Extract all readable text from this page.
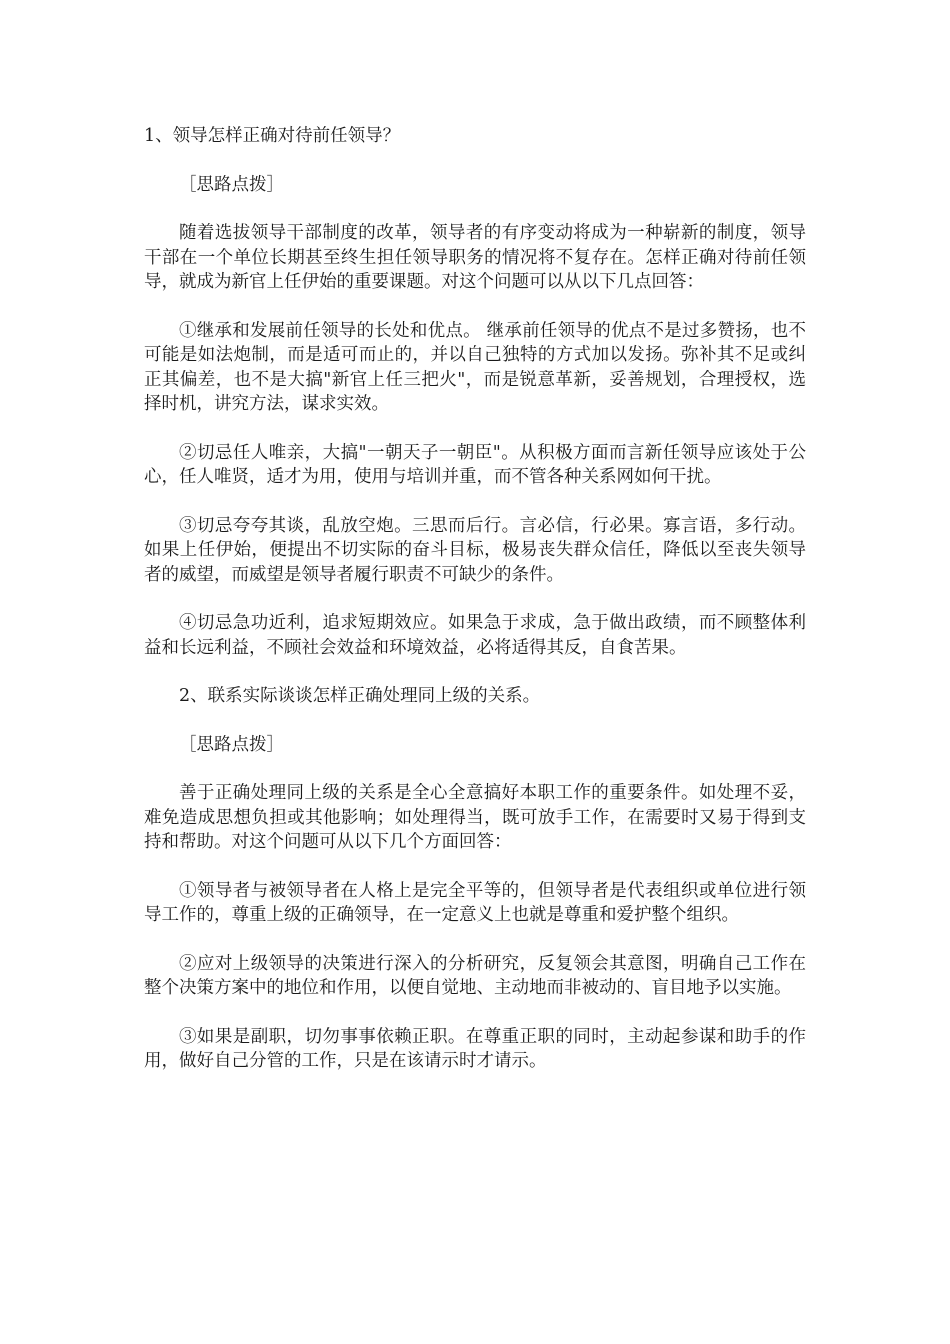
1、领导怎样正确对待前任领导？

［思路点拨］

随着选拔领导干部制度的改革，领导者的有序变动将成为一种崭新的制度，领导干部在一个单位长期甚至终生担任领导职务的情况将不复存在。怎样正确对待前任领导，就成为新官上任伊始的重要课题。对这个问题可以从以下几点回答：

①继承和发展前任领导的长处和优点。 继承前任领导的优点不是过多赞扬，也不可能是如法炮制，而是适可而止的，并以自己独特的方式加以发扬。弥补其不足或纠正其偏差，也不是大搞"新官上任三把火"，而是锐意革新，妥善规划，合理授权，选择时机，讲究方法，谋求实效。

②切忌任人唯亲，大搞"一朝天子一朝臣"。从积极方面而言新任领导应该处于公心，任人唯贤，适才为用，使用与培训并重，而不管各种关系网如何干扰。

③切忌夸夸其谈，乱放空炮。三思而后行。言必信，行必果。寡言语，多行动。如果上任伊始，便提出不切实际的奋斗目标，极易丧失群众信任，降低以至丧失领导者的威望，而威望是领导者履行职责不可缺少的条件。

④切忌急功近利，追求短期效应。如果急于求成，急于做出政绩，而不顾整体利益和长远利益，不顾社会效益和环境效益，必将适得其反，自食苦果。

2、联系实际谈谈怎样正确处理同上级的关系。

［思路点拨］

善于正确处理同上级的关系是全心全意搞好本职工作的重要条件。如处理不妥，难免造成思想负担或其他影响；如处理得当，既可放手工作，在需要时又易于得到支持和帮助。对这个问题可从以下几个方面回答：

①领导者与被领导者在人格上是完全平等的，但领导者是代表组织或单位进行领导工作的，尊重上级的正确领导，在一定意义上也就是尊重和爱护整个组织。

②应对上级领导的决策进行深入的分析研究，反复领会其意图，明确自己工作在整个决策方案中的地位和作用，以便自觉地、主动地而非被动的、盲目地予以实施。

③如果是副职，切勿事事依赖正职。在尊重正职的同时，主动起参谋和助手的作用，做好自己分管的工作，只是在该请示时才请示。
